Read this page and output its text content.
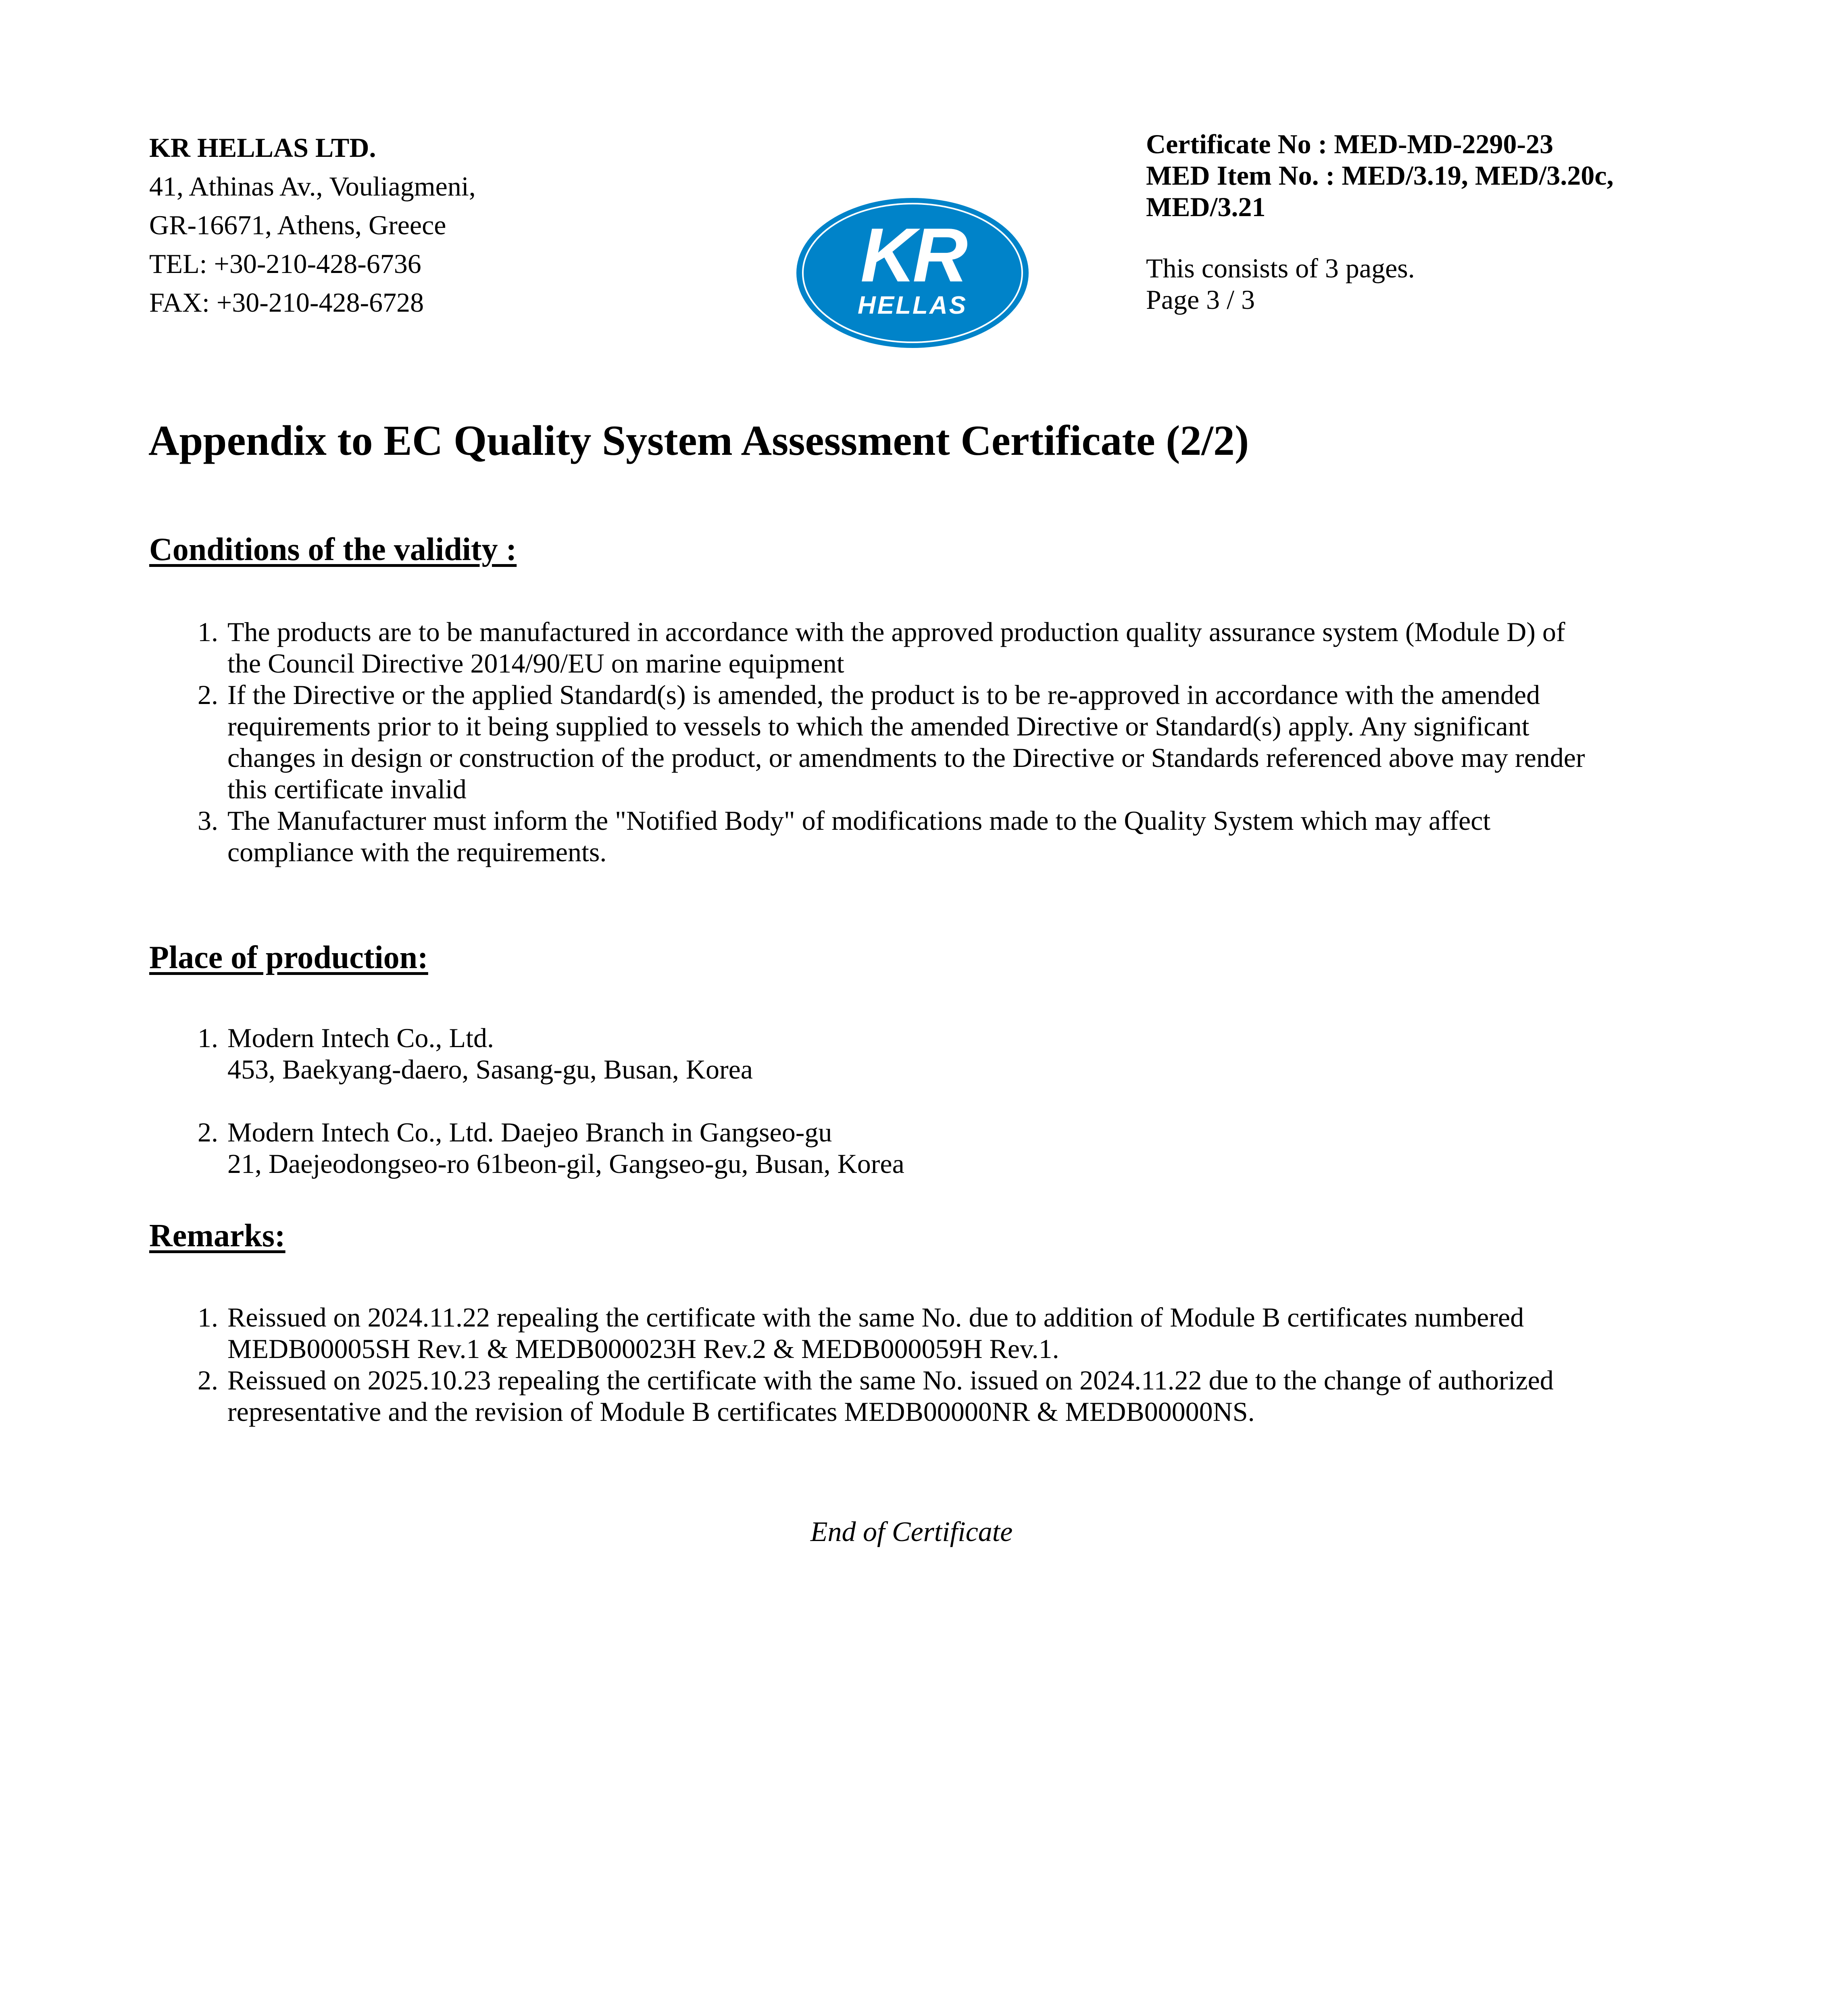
KR HELLAS LTD.
41, Athinas Av., Vouliagmeni,
GR-16671, Athens, Greece
TEL: +30-210-428-6736
FAX: +30-210-428-6728
KR
HELLAS
Certificate No : MED-MD-2290-23
MED Item No. : MED/3.19, MED/3.20c,
MED/3.21
This consists of 3 pages.
Page 3 / 3
Appendix to EC Quality System Assessment Certificate (2/2)
Conditions of the validity :
1. The products are to be manufactured in accordance with the approved production quality assurance system (Module D) of
the Council Directive 2014/90/EU on marine equipment
2. If the Directive or the applied Standard(s) is amended, the product is to be re-approved in accordance with the amended
requirements prior to it being supplied to vessels to which the amended Directive or Standard(s) apply. Any significant
changes in design or construction of the product, or amendments to the Directive or Standards referenced above may render
this certificate invalid
3. The Manufacturer must inform the "Notified Body" of modifications made to the Quality System which may affect
compliance with the requirements.
Place of production:
1. Modern Intech Co., Ltd.
453, Baekyang-daero, Sasang-gu, Busan, Korea
2. Modern Intech Co., Ltd. Daejeo Branch in Gangseo-gu
21, Daejeodongseo-ro 61beon-gil, Gangseo-gu, Busan, Korea
Remarks:
1. Reissued on 2024.11.22 repealing the certificate with the same No. due to addition of Module B certificates numbered
MEDB00005SH Rev.1 & MEDB000023H Rev.2 & MEDB000059H Rev.1.
2. Reissued on 2025.10.23 repealing the certificate with the same No. issued on 2024.11.22 due to the change of authorized
representative and the revision of Module B certificates MEDB00000NR & MEDB00000NS.
End of Certificate
